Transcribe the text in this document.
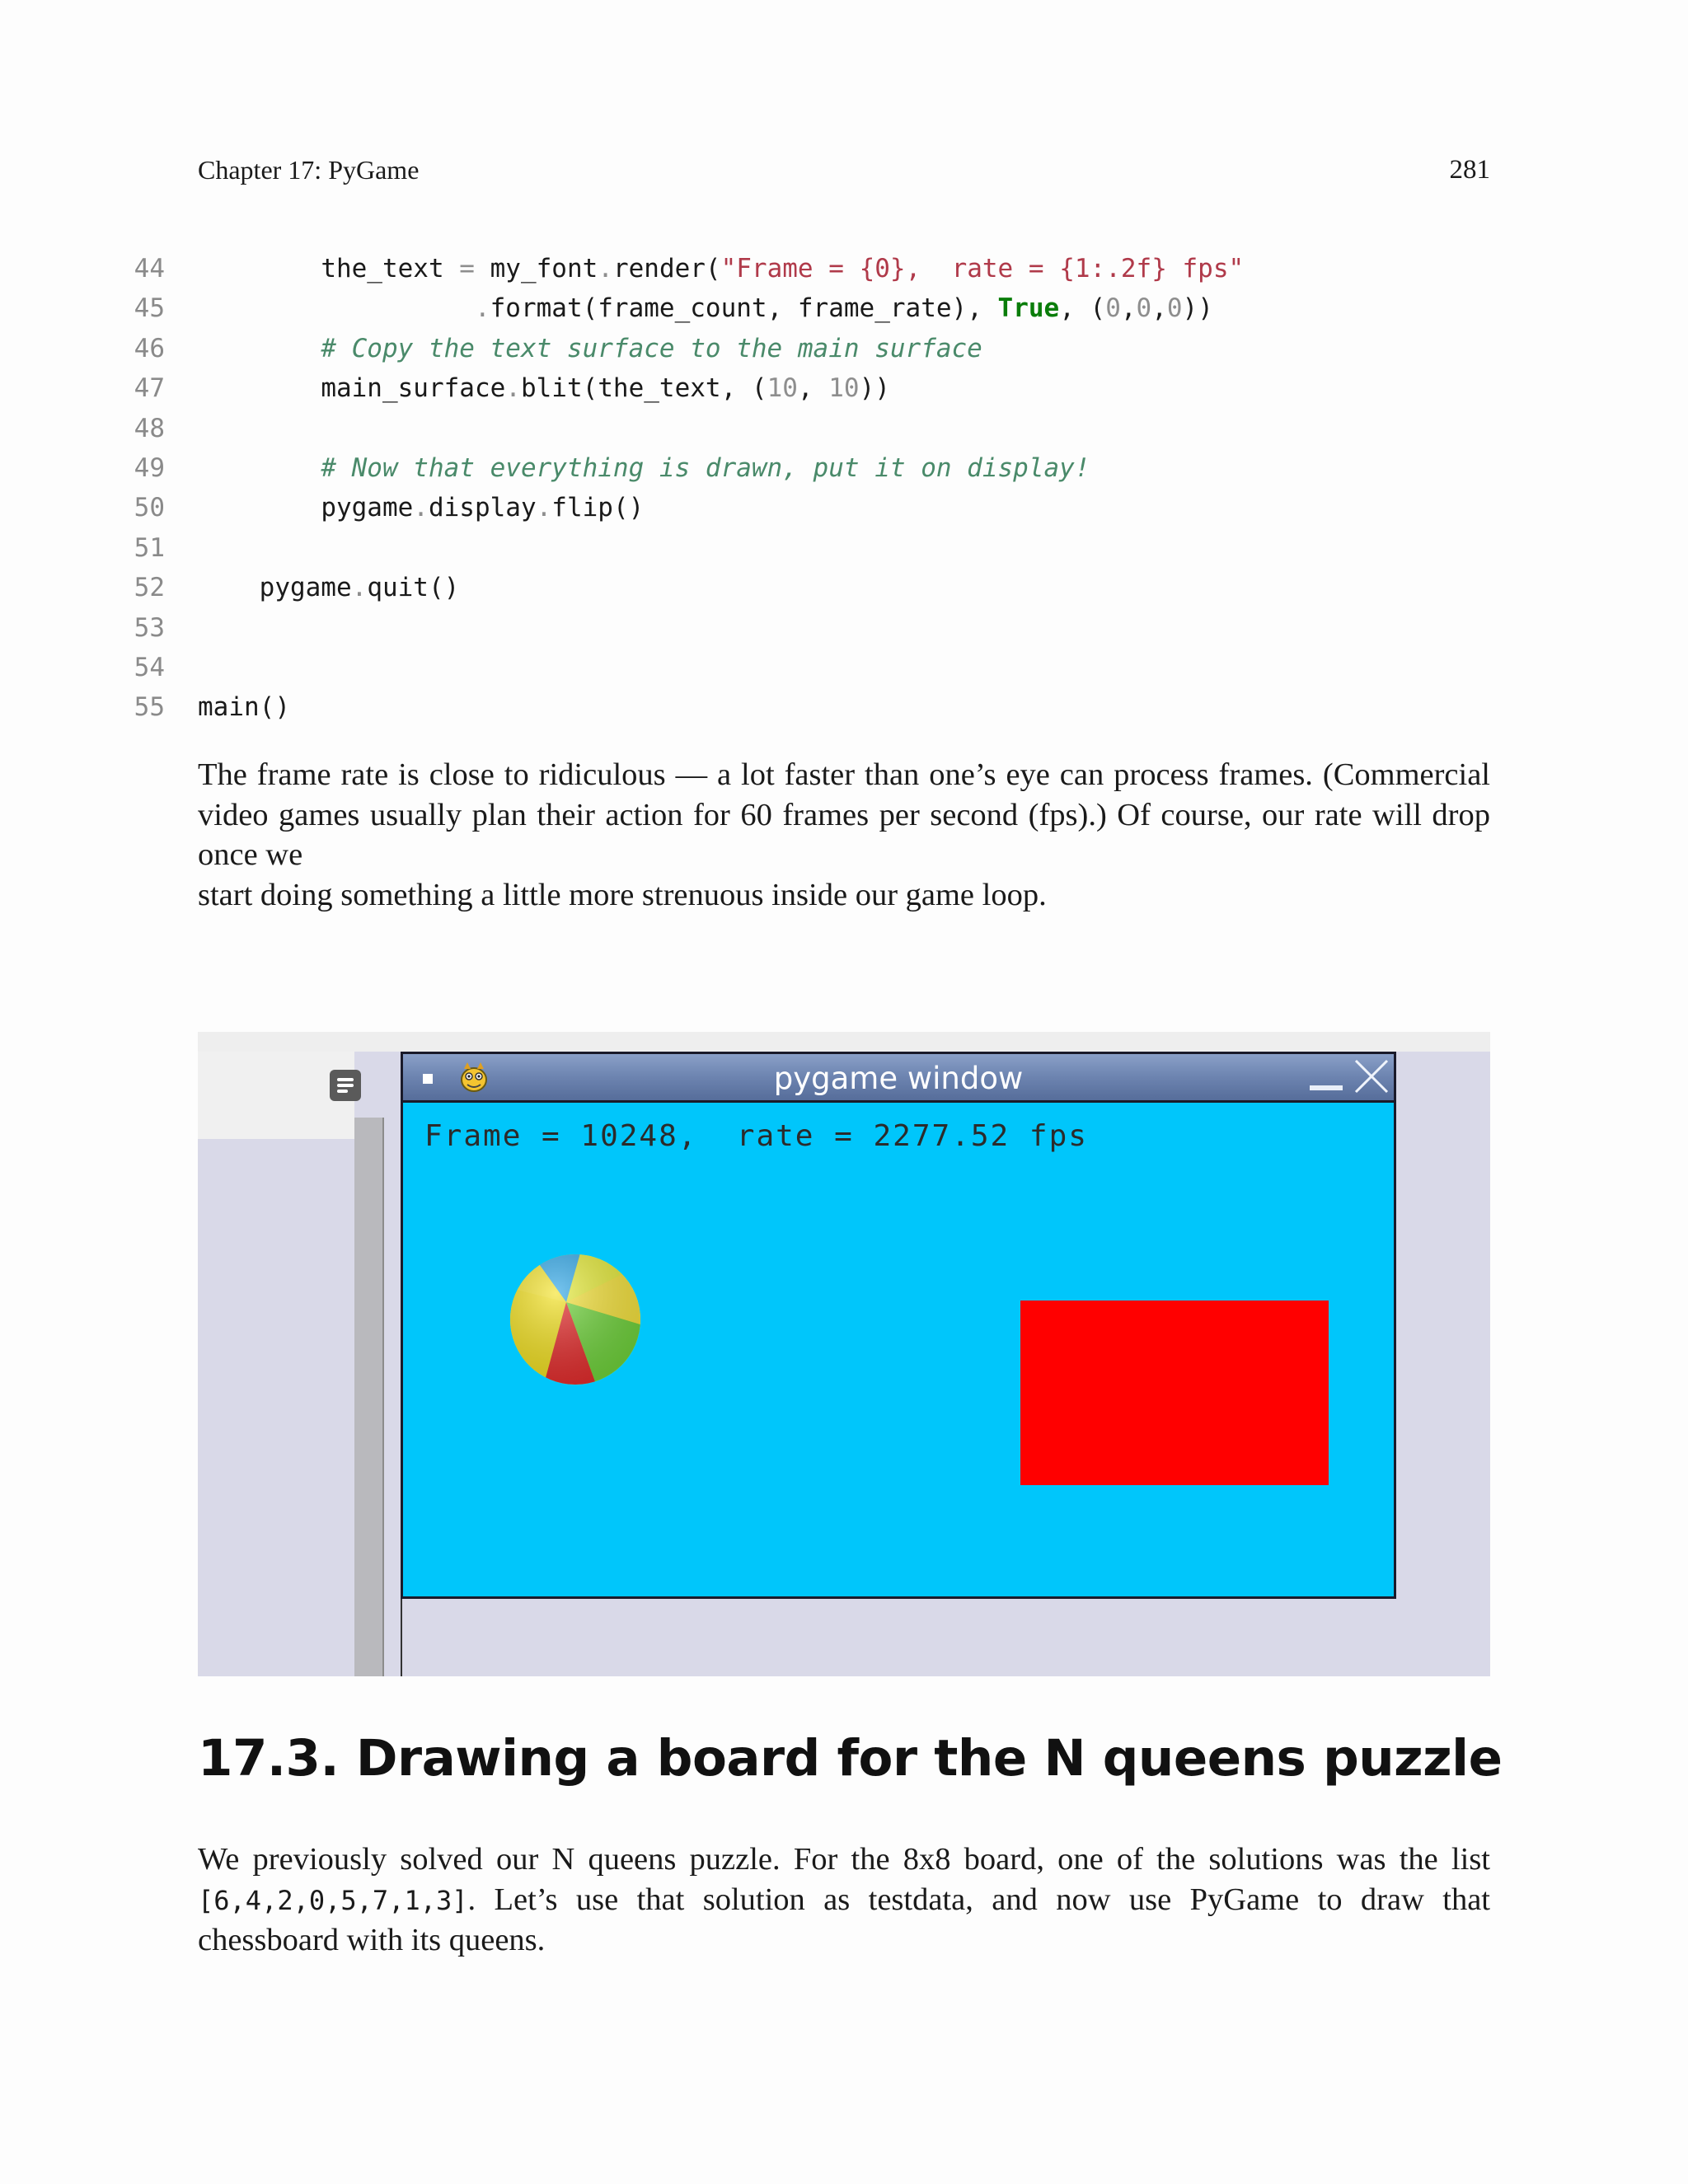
Chapter 17: PyGame	281
44	the_text = my_font.render("Frame = {0},  rate = {1:.2f} fps"
45	.format(frame_count, frame_rate), True, (0,0,0))
46	# Copy the text surface to the main surface
47	main_surface.blit(the_text, (10, 10))
48
49	# Now that everything is drawn, put it on display!
50	pygame.display.flip()
51
52	pygame.quit()
53
54
55 main()
The frame rate is close to ridiculous — a lot faster than one’s eye can process frames. (Commercial
video games usually plan their action for 60 frames per second (fps).) Of course, our rate will drop
once we
start doing something a little more strenuous inside our game loop.
pygame window
Frame = 10248,  rate = 2277.52 fps
17.3. Drawing a board for the N queens puzzle
We previously solved our N queens puzzle. For the 8x8 board, one of the solutions was the list [6,4,2,0,5,7,1,3]. Let’s use that solution as testdata, and now use PyGame to draw that chessboard with its queens.
